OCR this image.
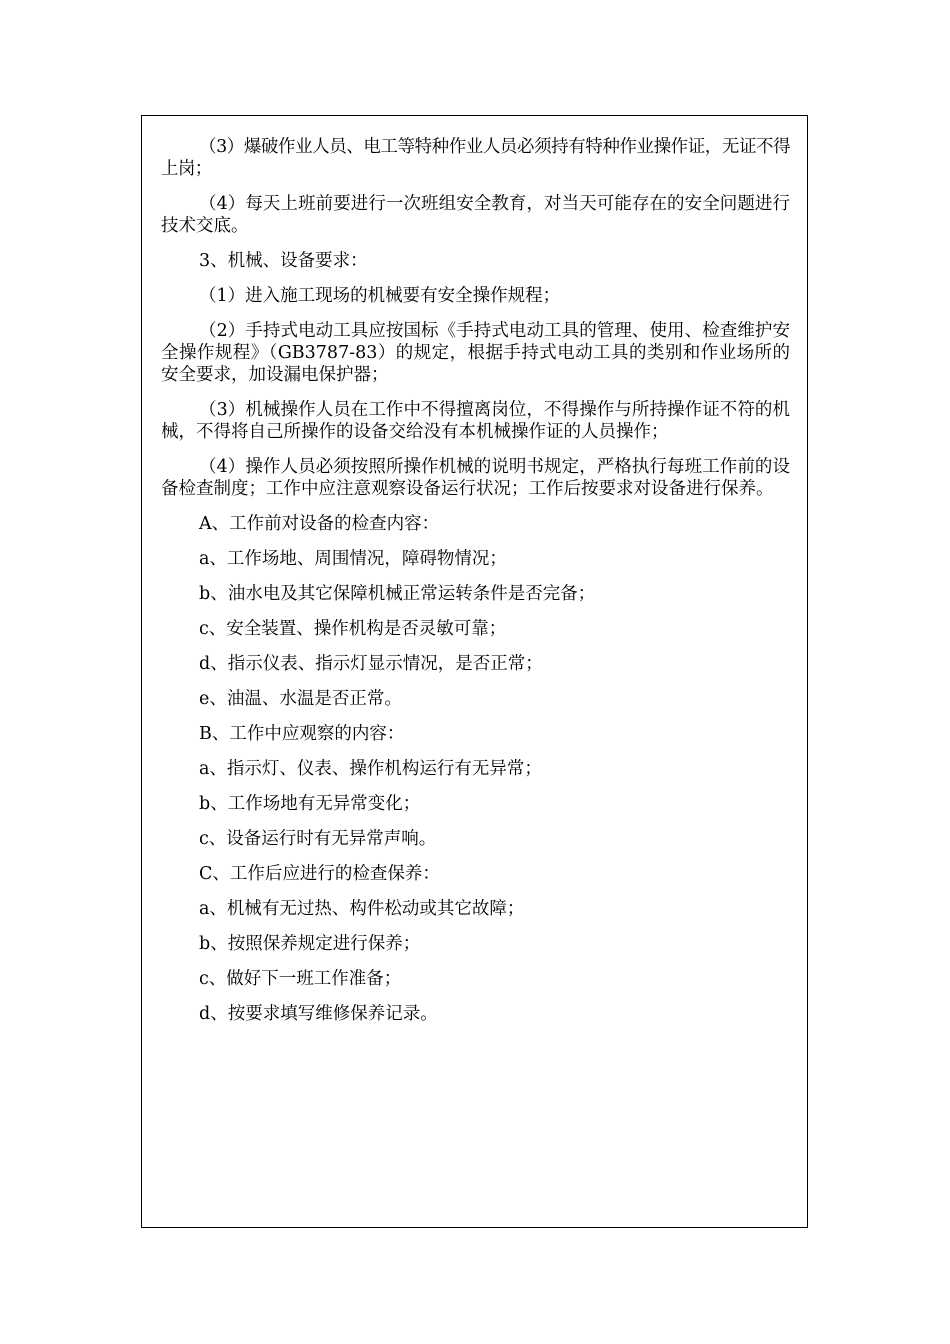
（3）爆破作业人员、电工等特种作业人员必须持有特种作业操作证，无证不得上岗；

（4）每天上班前要进行一次班组安全教育，对当天可能存在的安全问题进行技术交底。

3、机械、设备要求：

（1）进入施工现场的机械要有安全操作规程；

（2）手持式电动工具应按国标《手持式电动工具的管理、使用、检查维护安全操作规程》（GB3787-83）的规定，根据手持式电动工具的类别和作业场所的安全要求，加设漏电保护器；

（3）机械操作人员在工作中不得擅离岗位，不得操作与所持操作证不符的机械，不得将自己所操作的设备交给没有本机械操作证的人员操作；

（4）操作人员必须按照所操作机械的说明书规定，严格执行每班工作前的设备检查制度；工作中应注意观察设备运行状况；工作后按要求对设备进行保养。

A、工作前对设备的检查内容：

a、工作场地、周围情况，障碍物情况；

b、油水电及其它保障机械正常运转条件是否完备；

c、安全装置、操作机构是否灵敏可靠；

d、指示仪表、指示灯显示情况，是否正常；

e、油温、水温是否正常。

B、工作中应观察的内容：

a、指示灯、仪表、操作机构运行有无异常；

b、工作场地有无异常变化；

c、设备运行时有无异常声响。

C、工作后应进行的检查保养：

a、机械有无过热、构件松动或其它故障；

b、按照保养规定进行保养；

c、做好下一班工作准备；

d、按要求填写维修保养记录。
